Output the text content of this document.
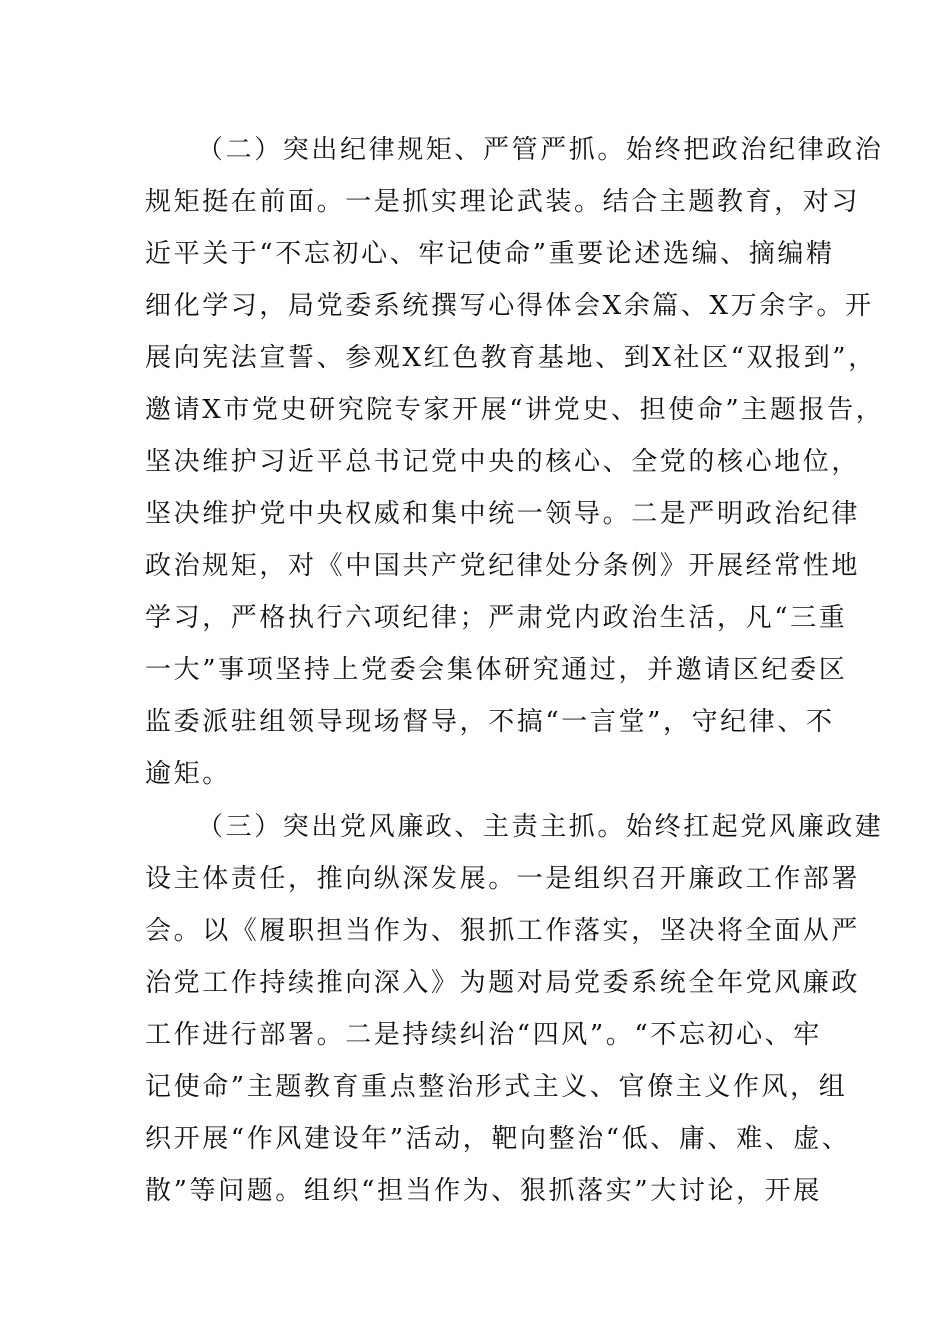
（二）突出纪律规矩、严管严抓。始终把政治纪律政治
规矩挺在前面。一是抓实理论武装。结合主题教育，对习
近平关于“不忘初心、牢记使命”重要论述选编、摘编精
细化学习，局党委系统撰写心得体会X余篇、X万余字。开
展向宪法宣誓、参观X红色教育基地、到X社区“双报到”，
邀请X市党史研究院专家开展“讲党史、担使命”主题报告，
坚决维护习近平总书记党中央的核心、全党的核心地位，
坚决维护党中央权威和集中统一领导。二是严明政治纪律
政治规矩，对《中国共产党纪律处分条例》开展经常性地
学习，严格执行六项纪律；严肃党内政治生活，凡“三重
一大”事项坚持上党委会集体研究通过，并邀请区纪委区
监委派驻组领导现场督导，不搞“一言堂”，守纪律、不
逾矩。
（三）突出党风廉政、主责主抓。始终扛起党风廉政建
设主体责任，推向纵深发展。一是组织召开廉政工作部署
会。以《履职担当作为、狠抓工作落实，坚决将全面从严
治党工作持续推向深入》为题对局党委系统全年党风廉政
工作进行部署。二是持续纠治“四风”。“不忘初心、牢
记使命”主题教育重点整治形式主义、官僚主义作风，组
织开展“作风建设年”活动，靶向整治“低、庸、难、虚、
散”等问题。组织“担当作为、狠抓落实”大讨论，开展
